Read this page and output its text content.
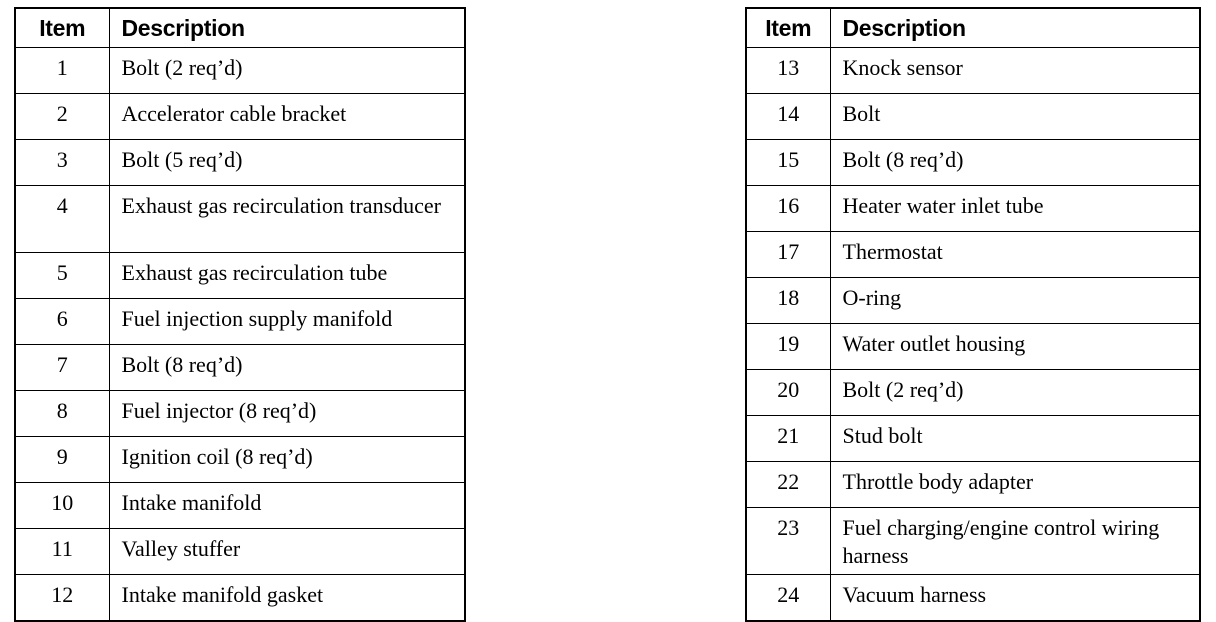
Item	Description
1	Bolt (2 req’d)
2	Accelerator cable bracket
3	Bolt (5 req’d)
4	Exhaust gas recirculation transducer
5	Exhaust gas recirculation tube
6	Fuel injection supply manifold
7	Bolt (8 req’d)
8	Fuel injector (8 req’d)
9	Ignition coil (8 req’d)
10	Intake manifold
11	Valley stuffer
12	Intake manifold gasket
Item	Description
13	Knock sensor
14	Bolt
15	Bolt (8 req’d)
16	Heater water inlet tube
17	Thermostat
18	O-ring
19	Water outlet housing
20	Bolt (2 req’d)
21	Stud bolt
22	Throttle body adapter
23	Fuel charging/engine control wiring harness
24	Vacuum harness
